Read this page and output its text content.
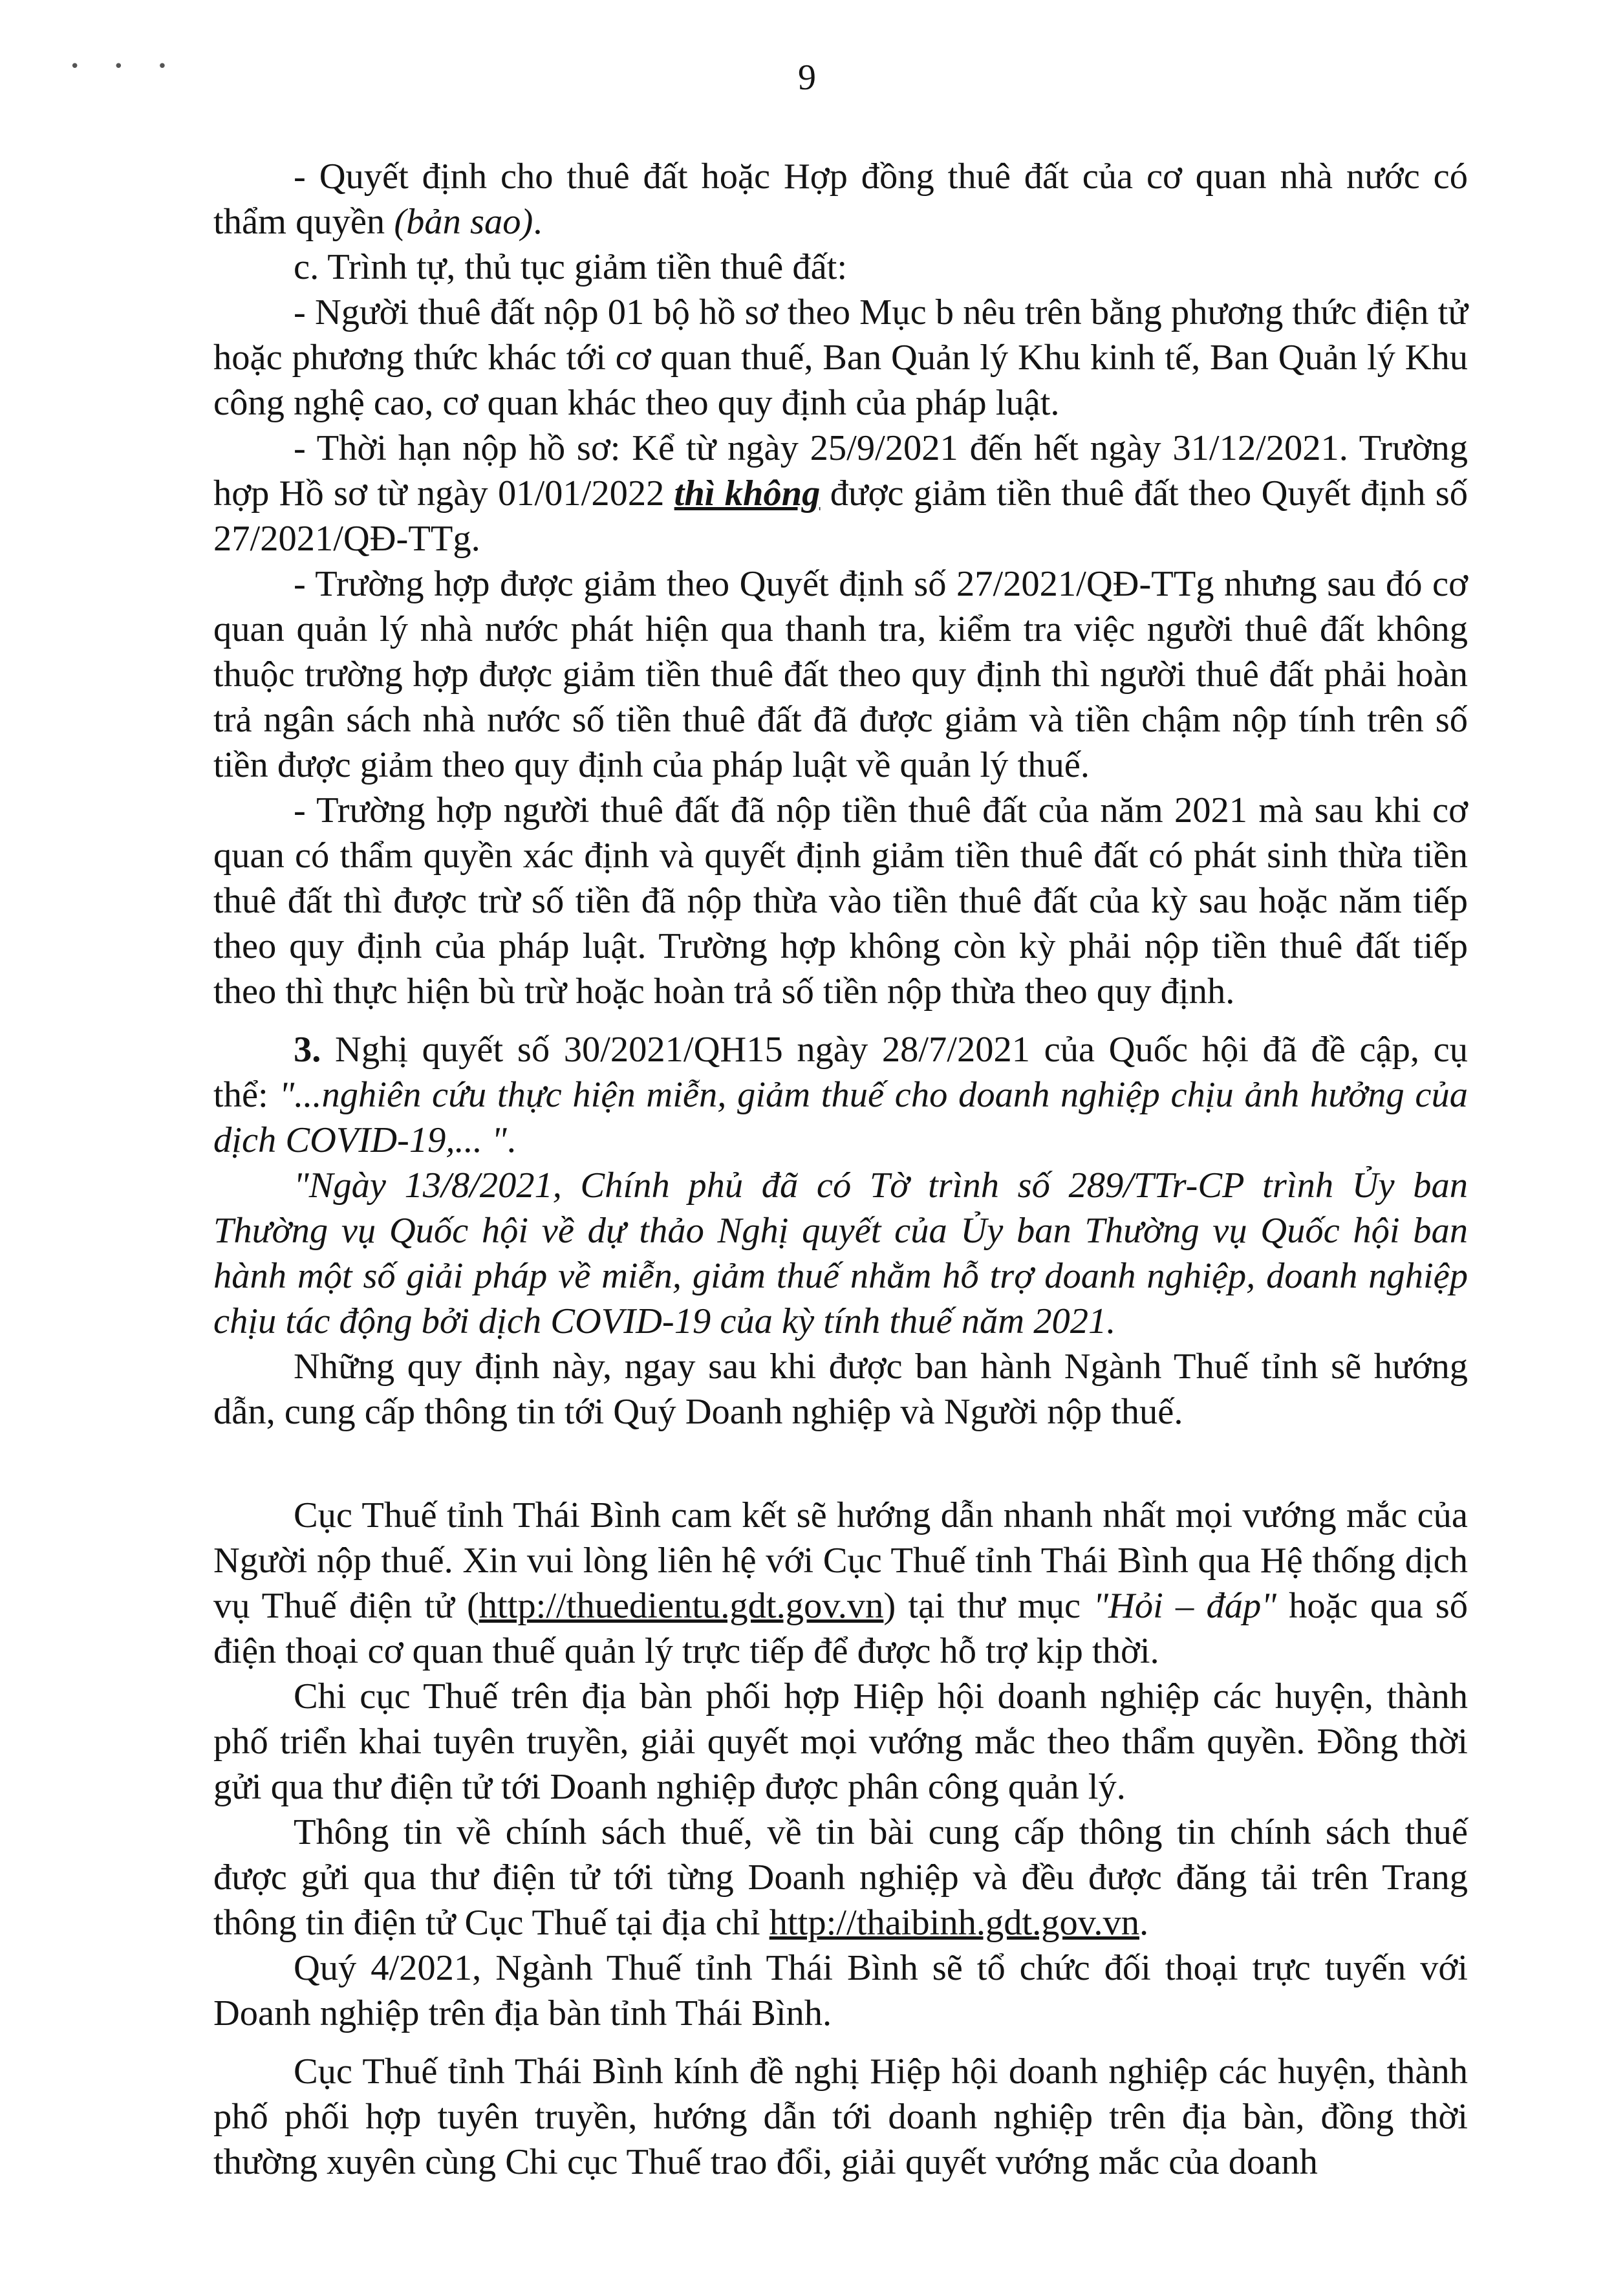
• • •	9

- Quyết định cho thuê đất hoặc Hợp đồng thuê đất của cơ quan nhà nước có thẩm quyền (bản sao).

c. Trình tự, thủ tục giảm tiền thuê đất:

- Người thuê đất nộp 01 bộ hồ sơ theo Mục b nêu trên bằng phương thức điện tử hoặc phương thức khác tới cơ quan thuế, Ban Quản lý Khu kinh tế, Ban Quản lý Khu công nghệ cao, cơ quan khác theo quy định của pháp luật.

- Thời hạn nộp hồ sơ: Kể từ ngày 25/9/2021 đến hết ngày 31/12/2021. Trường hợp Hồ sơ từ ngày 01/01/2022 thì không được giảm tiền thuê đất theo Quyết định số 27/2021/QĐ-TTg.

- Trường hợp được giảm theo Quyết định số 27/2021/QĐ-TTg nhưng sau đó cơ quan quản lý nhà nước phát hiện qua thanh tra, kiểm tra việc người thuê đất không thuộc trường hợp được giảm tiền thuê đất theo quy định thì người thuê đất phải hoàn trả ngân sách nhà nước số tiền thuê đất đã được giảm và tiền chậm nộp tính trên số tiền được giảm theo quy định của pháp luật về quản lý thuế.

- Trường hợp người thuê đất đã nộp tiền thuê đất của năm 2021 mà sau khi cơ quan có thẩm quyền xác định và quyết định giảm tiền thuê đất có phát sinh thừa tiền thuê đất thì được trừ số tiền đã nộp thừa vào tiền thuê đất của kỳ sau hoặc năm tiếp theo quy định của pháp luật. Trường hợp không còn kỳ phải nộp tiền thuê đất tiếp theo thì thực hiện bù trừ hoặc hoàn trả số tiền nộp thừa theo quy định.

3. Nghị quyết số 30/2021/QH15 ngày 28/7/2021 của Quốc hội đã đề cập, cụ thể: "...nghiên cứu thực hiện miễn, giảm thuế cho doanh nghiệp chịu ảnh hưởng của dịch COVID-19,... ".

"Ngày 13/8/2021, Chính phủ đã có Tờ trình số 289/TTr-CP trình Ủy ban Thường vụ Quốc hội về dự thảo Nghị quyết của Ủy ban Thường vụ Quốc hội ban hành một số giải pháp về miễn, giảm thuế nhằm hỗ trợ doanh nghiệp, doanh nghiệp chịu tác động bởi dịch COVID-19 của kỳ tính thuế năm 2021.

Những quy định này, ngay sau khi được ban hành Ngành Thuế tỉnh sẽ hướng dẫn, cung cấp thông tin tới Quý Doanh nghiệp và Người nộp thuế.

Cục Thuế tỉnh Thái Bình cam kết sẽ hướng dẫn nhanh nhất mọi vướng mắc của Người nộp thuế. Xin vui lòng liên hệ với Cục Thuế tỉnh Thái Bình qua Hệ thống dịch vụ Thuế điện tử (http://thuedientu.gdt.gov.vn) tại thư mục "Hỏi – đáp" hoặc qua số điện thoại cơ quan thuế quản lý trực tiếp để được hỗ trợ kịp thời.

Chi cục Thuế trên địa bàn phối hợp Hiệp hội doanh nghiệp các huyện, thành phố triển khai tuyên truyền, giải quyết mọi vướng mắc theo thẩm quyền. Đồng thời gửi qua thư điện tử tới Doanh nghiệp được phân công quản lý.

Thông tin về chính sách thuế, về tin bài cung cấp thông tin chính sách thuế được gửi qua thư điện tử tới từng Doanh nghiệp và đều được đăng tải trên Trang thông tin điện tử Cục Thuế tại địa chỉ http://thaibinh.gdt.gov.vn.

Quý 4/2021, Ngành Thuế tỉnh Thái Bình sẽ tổ chức đối thoại trực tuyến với Doanh nghiệp trên địa bàn tỉnh Thái Bình.

Cục Thuế tỉnh Thái Bình kính đề nghị Hiệp hội doanh nghiệp các huyện, thành phố phối hợp tuyên truyền, hướng dẫn tới doanh nghiệp trên địa bàn, đồng thời thường xuyên cùng Chi cục Thuế trao đổi, giải quyết vướng mắc của doanh
